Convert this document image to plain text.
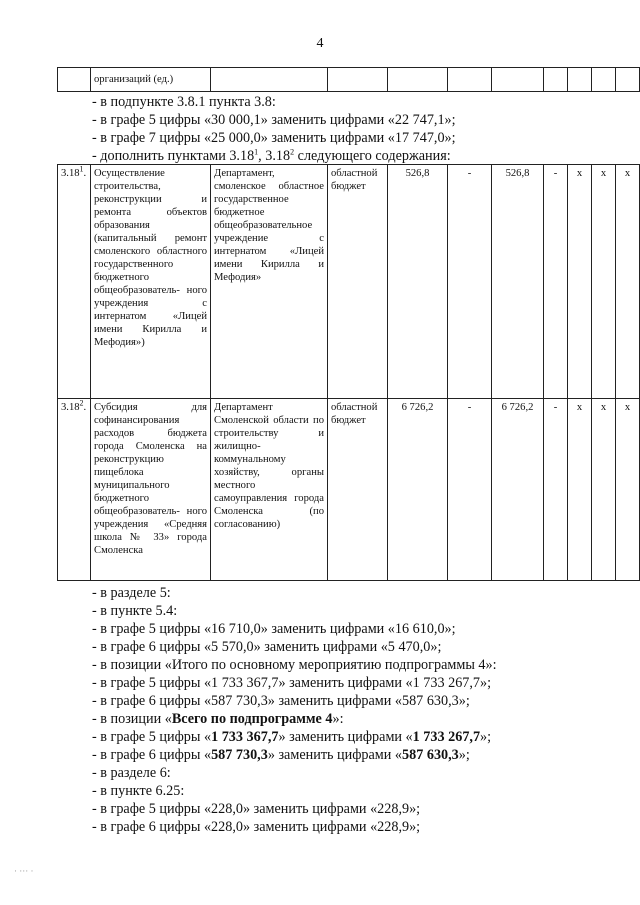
4
	организаций (ед.)									
- в подпункте 3.8.1 пункта 3.8:
- в графе 5 цифры «30 000,1» заменить цифрами «22 747,1»;
- в графе 7 цифры «25 000,0» заменить цифрами «17 747,0»;
- дополнить пунктами 3.18$^1$, 3.18$^2$ следующего содержания:
3.18$^1$.	Осуществление строительства, реконструкции и ремонта объектов образования (капитальный ремонт смоленского областного государственного бюджетного общеобразователь- ного учреждения с интернатом «Лицей имени Кирилла и Мефодия»)	Департамент, смоленское областное государственное бюджетное общеобразовательное учреждение с интернатом «Лицей имени Кирилла и Мефодия»	областной бюджет	526,8	-	526,8	-	x	x	x
3.18$^2$.	Субсидия для софинансирования расходов бюджета города Смоленска на реконструкцию пищеблока муниципального бюджетного общеобразователь- ного учреждения «Средняя школа № 33» города Смоленска	Департамент Смоленской области по строительству и жилищно-коммунальному хозяйству, органы местного самоуправления города Смоленска (по согласованию)	областной бюджет	6 726,2	-	6 726,2	-	x	x	x
- в разделе 5:
- в пункте 5.4:
- в графе 5 цифры «16 710,0» заменить цифрами «16 610,0»;
- в графе 6 цифры «5 570,0» заменить цифрами «5 470,0»;
- в позиции «Итого по основному мероприятию подпрограммы 4»:
- в графе 5 цифры «1 733 367,7» заменить цифрами «1 733 267,7»;
- в графе 6 цифры «587 730,3» заменить цифрами «587 630,3»;
- в позиции «Всего по подпрограмме 4»:
- в графе 5 цифры «1 733 367,7» заменить цифрами «1 733 267,7»;
- в графе 6 цифры «587 730,3» заменить цифрами «587 630,3»;
- в разделе 6:
- в пункте 6.25:
- в графе 5 цифры «228,0» заменить цифрами «228,9»;
- в графе 6 цифры «228,0» заменить цифрами «228,9»;
· ··· ·
